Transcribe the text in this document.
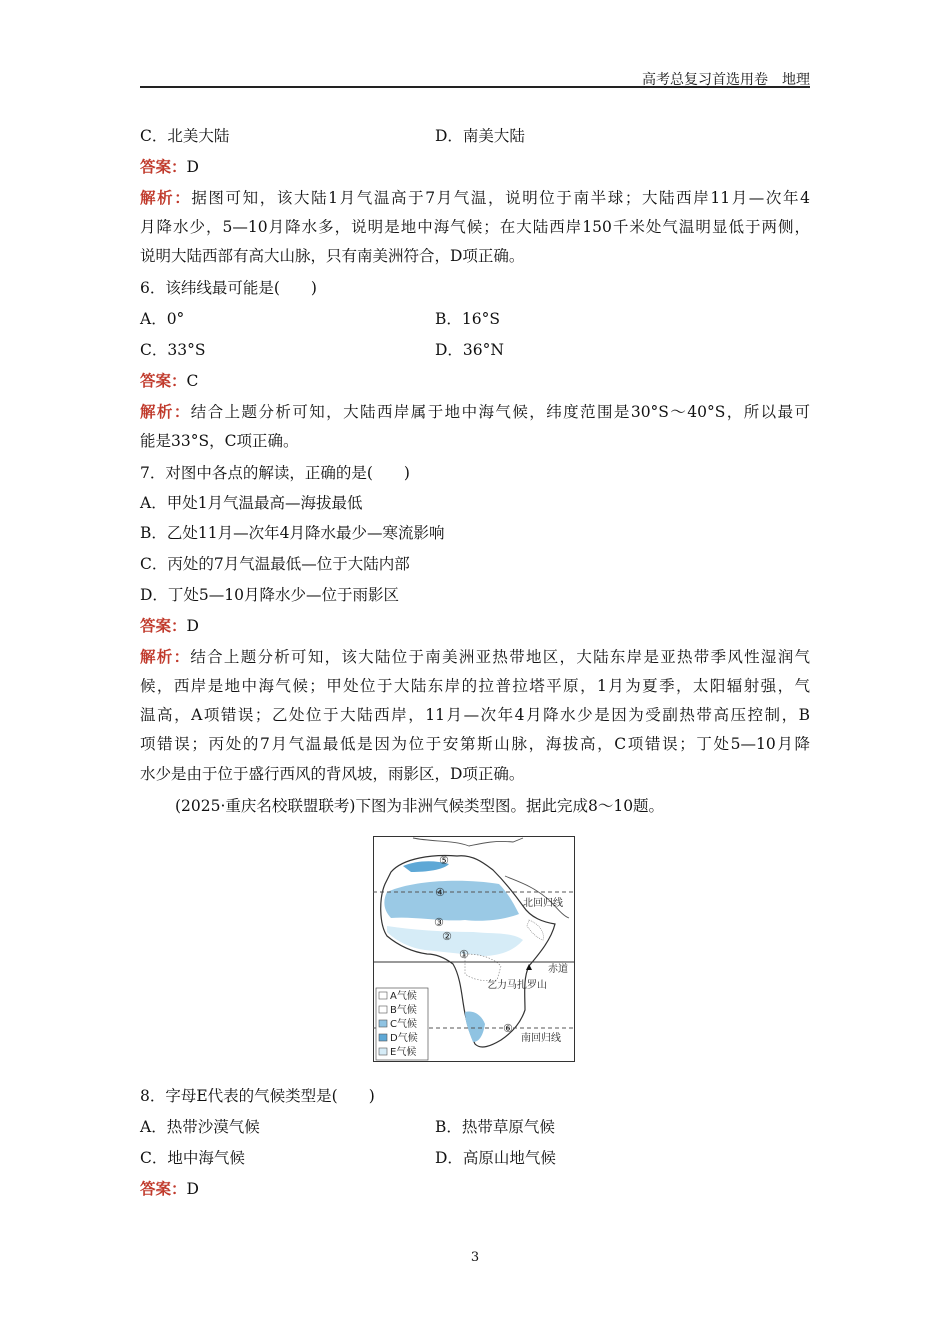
高考总复习首选用卷　地理
C．北美大陆	D．南美大陆
答案：D
解析：据图可知，该大陆1月气温高于7月气温，说明位于南半球；大陆西岸11月—次年4
月降水少，5—10月降水多，说明是地中海气候；在大陆西岸150千米处气温明显低于两侧，
说明大陆西部有高大山脉，只有南美洲符合，D项正确。
6．该纬线最可能是(　　)
A．0°	B．16°S
C．33°S	D．36°N
答案：C
解析：结合上题分析可知，大陆西岸属于地中海气候，纬度范围是30°S～40°S，所以最可
能是33°S，C项正确。
7．对图中各点的解读，正确的是(　　)
A．甲处1月气温最高—海拔最低
B．乙处11月—次年4月降水最少—寒流影响
C．丙处的7月气温最低—位于大陆内部
D．丁处5—10月降水少—位于雨影区
答案：D
解析：结合上题分析可知，该大陆位于南美洲亚热带地区，大陆东岸是亚热带季风性湿润气
候，西岸是地中海气候；甲处位于大陆东岸的拉普拉塔平原，1月为夏季，太阳辐射强，气
温高，A项错误；乙处位于大陆西岸，11月—次年4月降水少是因为受副热带高压控制，B
项错误；丙处的7月气温最低是因为位于安第斯山脉，海拔高，C项错误；丁处5—10月降
水少是由于位于盛行西风的背风坡，雨影区，D项正确。
(2025·重庆名校联盟联考)下图为非洲气候类型图。据此完成8～10题。
⑤
④
③
②
①
⑥
北回归线
赤道
乞力马扎罗山
南回归线
A气候
B气候
C气候
D气候
E气候
8．字母E代表的气候类型是(　　)
A．热带沙漠气候	B．热带草原气候
C．地中海气候	D．高原山地气候
答案：D
3
